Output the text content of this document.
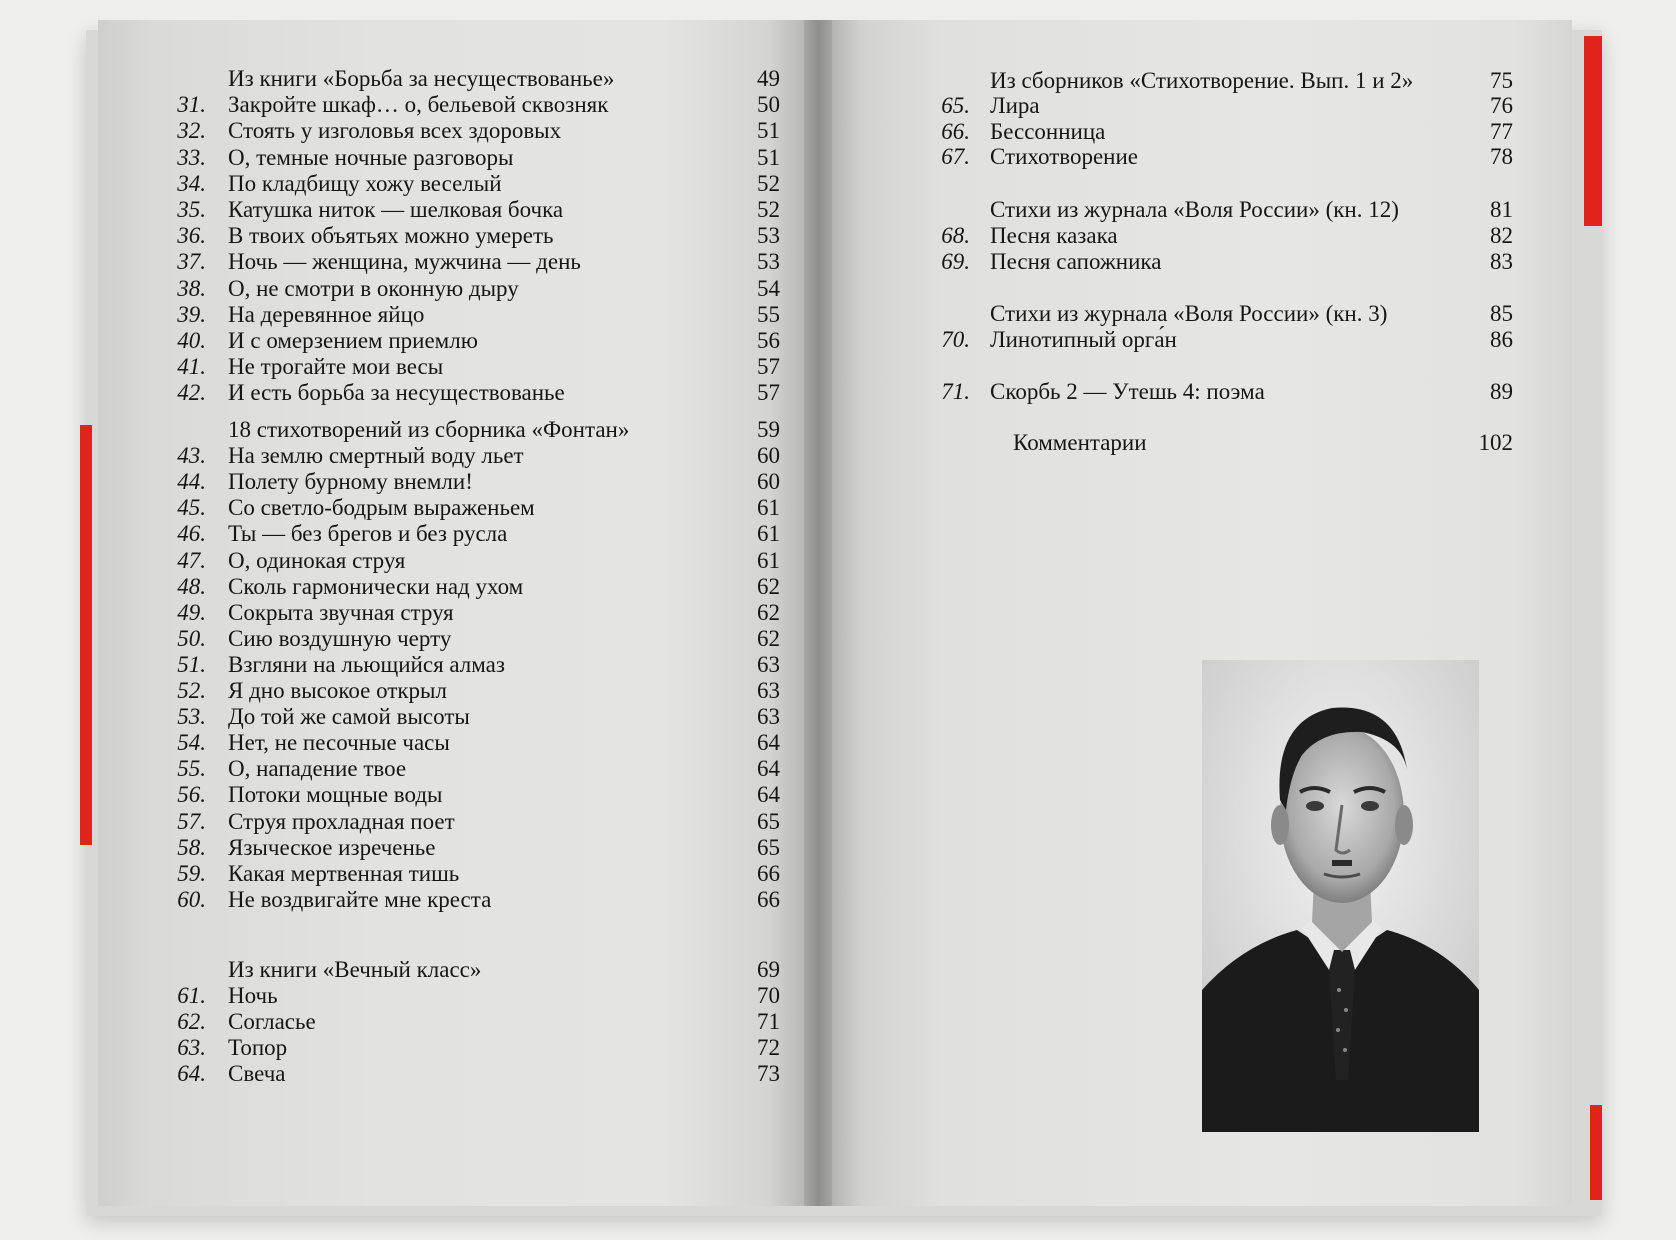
Из книги «Борьба за несуществованье»	49
31. Закройте шкаф… о, бельевой сквозняк	50
32. Стоять у изголовья всех здоровых	51
33. О, темные ночные разговоры	51
34. По кладбищу хожу веселый	52
35. Катушка ниток — шелковая бочка	52
36. В твоих объятьях можно умереть	53
37. Ночь — женщина, мужчина — день	53
38. О, не смотри в оконную дыру	54
39. На деревянное яйцо	55
40. И с омерзением приемлю	56
41. Не трогайте мои весы	57
42. И есть борьба за несуществованье	57
18 стихотворений из сборника «Фонтан»	59
43. На землю смертный воду льет	60
44. Полету бурному внемли!	60
45. Со светло-бодрым выраженьем	61
46. Ты — без брегов и без русла	61
47. О, одинокая струя	61
48. Сколь гармонически над ухом	62
49. Сокрыта звучная струя	62
50. Сию воздушную черту	62
51. Взгляни на льющийся алмаз	63
52. Я дно высокое открыл	63
53. До той же самой высоты	63
54. Нет, не песочные часы	64
55. О, нападение твое	64
56. Потоки мощные воды	64
57. Струя прохладная поет	65
58. Языческое изреченье	65
59. Какая мертвенная тишь	66
60. Не воздвигайте мне креста	66
Из книги «Вечный класс»	69
61. Ночь	70
62. Согласье	71
63. Топор	72
64. Свеча	73
Из сборников «Стихотворение. Вып. 1 и 2»	75
65. Лира	76
66. Бессонница	77
67. Стихотворение	78
Стихи из журнала «Воля России» (кн. 12)	81
68. Песня казака	82
69. Песня сапожника	83
Стихи из журнала «Воля России» (кн. 3)	85
70. Линотипный орга́н	86
71. Скорбь 2 — Утешь 4: поэма	89
Комментарии	102
